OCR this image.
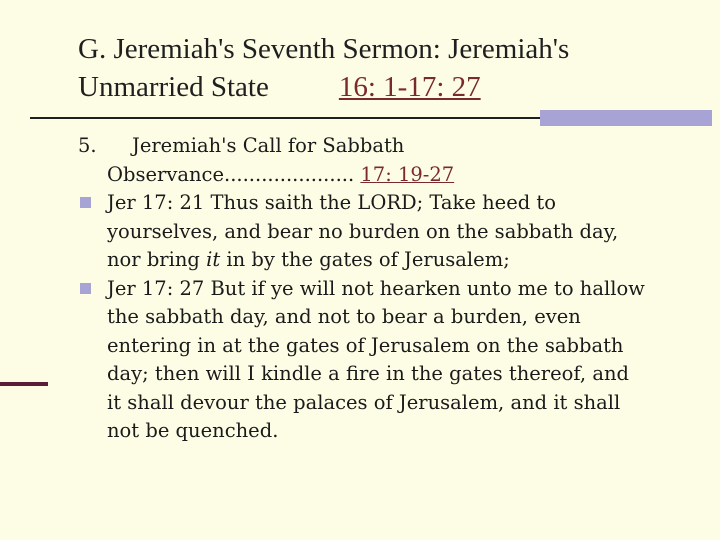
G. Jeremiah's Seventh Sermon: Jeremiah's
Unmarried State 16: 1-17: 27
5.	Jeremiah's Call for Sabbath
Observance..................... 17: 19-27
Jer 17: 21 Thus saith the LORD; Take heed to
yourselves, and bear no burden on the sabbath day,
nor bring it in by the gates of Jerusalem;
Jer 17: 27 But if ye will not hearken unto me to hallow
the sabbath day, and not to bear a burden, even
entering in at the gates of Jerusalem on the sabbath
day; then will I kindle a fire in the gates thereof, and
it shall devour the palaces of Jerusalem, and it shall
not be quenched.
